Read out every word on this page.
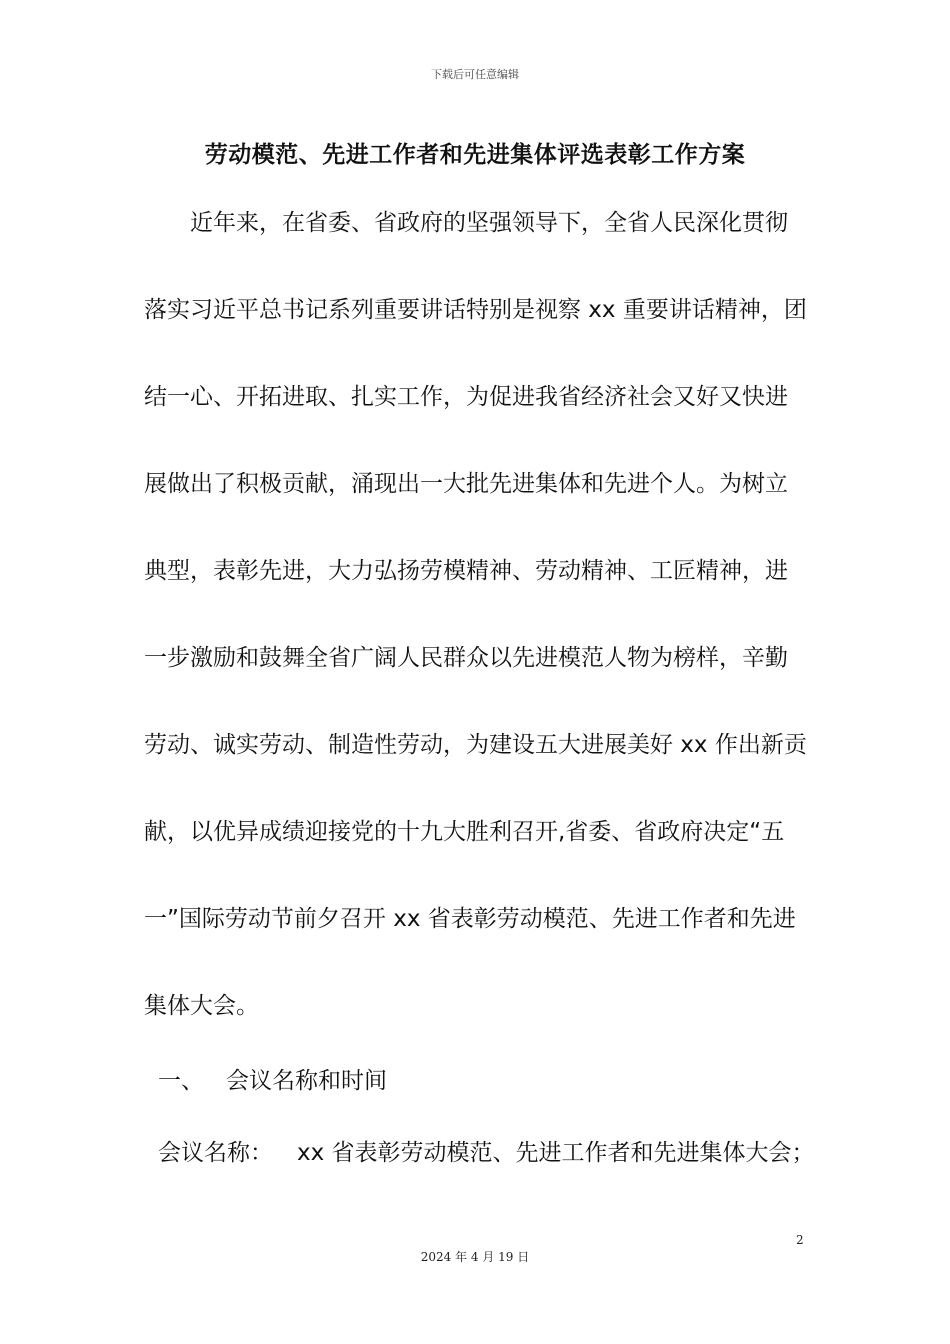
下载后可任意编辑
劳动模范、先进工作者和先进集体评选表彰工作方案
近年来，在省委、省政府的坚强领导下，全省人民深化贯彻
落实习近平总书记系列重要讲话特别是视察 xx 重要讲话精神，团
结一心、开拓进取、扎实工作，为促进我省经济社会又好又快进
展做出了积极贡献，涌现出一大批先进集体和先进个人。为树立
典型，表彰先进，大力弘扬劳模精神、劳动精神、工匠精神，进
一步激励和鼓舞全省广阔人民群众以先进模范人物为榜样，辛勤
劳动、诚实劳动、制造性劳动，为建设五大进展美好 xx 作出新贡
献，以优异成绩迎接党的十九大胜利召开,省委、省政府决定“五
一”国际劳动节前夕召开 xx 省表彰劳动模范、先进工作者和先进
集体大会。
一、 会议名称和时间
会议名称： xx 省表彰劳动模范、先进工作者和先进集体大会；
2
2024 年 4 月 19 日
